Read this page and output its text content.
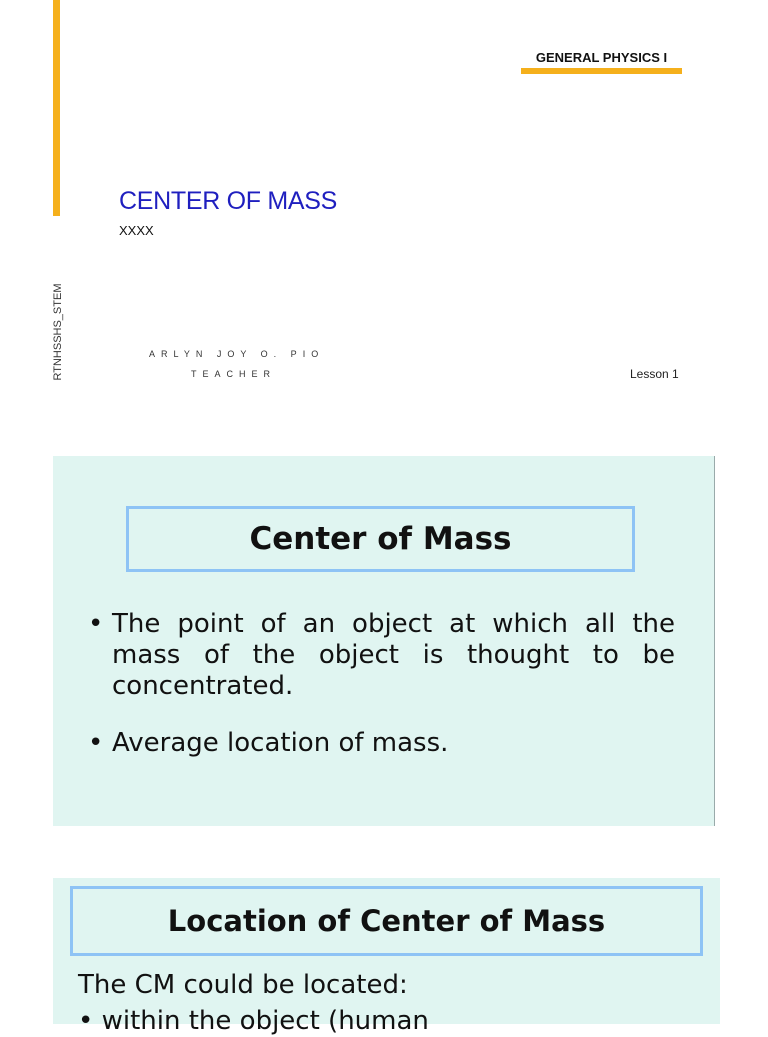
GENERAL PHYSICS I
CENTER OF MASS
XXXX
RTNHSSHS_STEM	ARLYN JOY O. PIO
TEACHER	Lesson 1
Center of Mass
• The point of an object at which all the mass of the object is thought to be concentrated.
• Average location of mass.
Location of Center of Mass
The CM could be located:
• within the object (human
